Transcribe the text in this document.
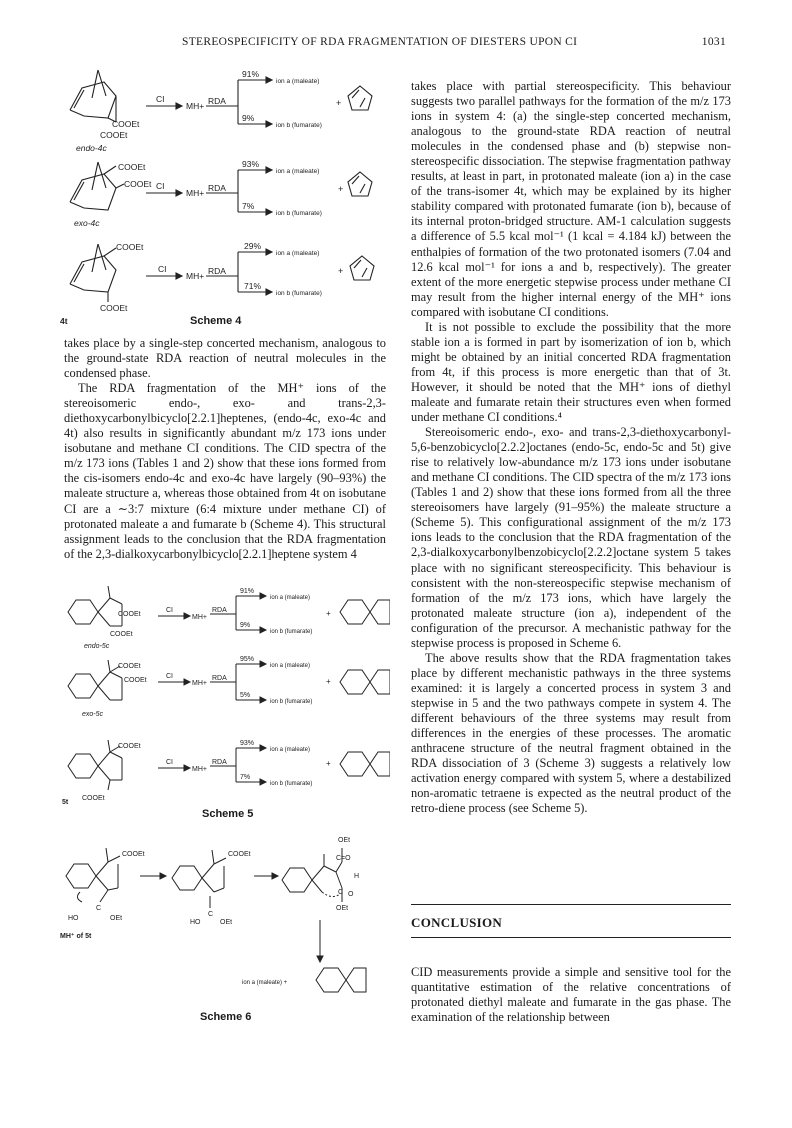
STEREOSPECIFICITY OF RDA FRAGMENTATION OF DIESTERS UPON CI	1031
COOEt
COOEt
endo-4c
CI
MH+ RDA
91%
9%
ion a (maleate)
ion b (fumarate)
+
COOEt
COOEt
exo-4c
CI
MH+ RDA
93%
7%
ion a (maleate)
ion b (fumarate)
+
COOEt
COOEt
4t
CI
MH+ RDA
29%
71%
ion a (maleate)
ion b (fumarate)
+
Scheme 4

takes place by a single-step concerted mechanism, analogous to the ground-state RDA reaction of neutral molecules in the condensed phase.

The RDA fragmentation of the MH⁺ ions of the stereoisomeric endo-, exo- and trans-2,3-diethoxycarbonylbicyclo[2.2.1]heptenes, (endo-4c, exo-4c and 4t) also results in significantly abundant m/z 173 ions under isobutane and methane CI conditions. The CID spectra of the m/z 173 ions (Tables 1 and 2) show that these ions formed from the cis-isomers endo-4c and exo-4c have largely (90–93%) the maleate structure a, whereas those obtained from 4t on isobutane CI are a ∼3:7 mixture (6:4 mixture under methane CI) of protonated maleate a and fumarate b (Scheme 4). This structural assignment leads to the conclusion that the RDA fragmentation of the 2,3-dialkoxycarbonylbicyclo[2.2.1]heptene system 4

COOEt
COOEt
endo-5c
CI
MH+
RDA
91%
9%
ion a (maleate)
ion b (fumarate)
+
COOEt
COOEt
exo-5c
CI
MH+
RDA
95%
5%
ion a (maleate)
ion b (fumarate)
+
COOEt
COOEt
5t
CI
MH+
RDA
93%
7%
ion a (maleate)
ion b (fumarate)
+
Scheme 5
COOEt
C
HO	OEt
MH⁺ of 5t
COOEt
C
HO	OEt
OEt
C=O
H
C O
OEt
ion a (maleate) +
Scheme 6

takes place with partial stereospecificity. This behaviour suggests two parallel pathways for the formation of the m/z 173 ions in system 4: (a) the single-step concerted mechanism, analogous to the ground-state RDA reaction of neutral molecules in the condensed phase and (b) stepwise non-stereospecific dissociation. The stepwise fragmentation pathway results, at least in part, in protonated maleate (ion a) in the case of the trans-isomer 4t, which may be explained by its higher stability compared with protonated fumarate (ion b), because of its internal proton-bridged structure. AM-1 calculation suggests a difference of 5.5 kcal mol⁻¹ (1 kcal = 4.184 kJ) between the enthalpies of formation of the two protonated isomers (7.04 and 12.6 kcal mol⁻¹ for ions a and b, respectively). The greater extent of the more energetic stepwise process under methane CI may result from the higher internal energy of the MH⁺ ions compared with isobutane CI conditions.

It is not possible to exclude the possibility that the more stable ion a is formed in part by isomerization of ion b, which might be obtained by an initial concerted RDA fragmentation from 4t, if this process is more energetic than that of 3t. However, it should be noted that the MH⁺ ions of diethyl maleate and fumarate retain their structures even when formed under methane CI conditions.⁴

Stereoisomeric endo-, exo- and trans-2,3-diethoxycarbonyl-5,6-benzobicyclo[2.2.2]octanes (endo-5c, endo-5c and 5t) give rise to relatively low-abundance m/z 173 ions under isobutane and methane CI conditions. The CID spectra of the m/z 173 ions (Tables 1 and 2) show that these ions formed from all the three stereoisomers have largely (91–95%) the maleate structure a (Scheme 5). This configurational assignment of the m/z 173 ions leads to the conclusion that the RDA fragmentation of the 2,3-dialkoxycarbonylbenzobicyclo[2.2.2]octane system 5 takes place with no significant stereospecificity. This behaviour is consistent with the non-stereospecific stepwise mechanism of formation of the m/z 173 ions, which have largely the protonated maleate structure (ion a), independent of the configuration of the precursor. A mechanistic pathway for the stepwise process is proposed in Scheme 6.

The above results show that the RDA fragmentation takes place by different mechanistic pathways in the three systems examined: it is largely a concerted process in system 3 and stepwise in 5 and the two pathways compete in system 4. The different behaviours of the three systems may result from differences in the energies of these processes. The aromatic anthracene structure of the neutral fragment obtained in the RDA dissociation of 3 (Scheme 3) suggests a relatively low activation energy compared with system 5, where a destabilized non-aromatic tetraene is expected as the neutral product of the retro-diene process (see Scheme 5).

CONCLUSION

CID measurements provide a simple and sensitive tool for the quantitative estimation of the relative concentrations of protonated diethyl maleate and fumarate in the gas phase. The examination of the relationship between
